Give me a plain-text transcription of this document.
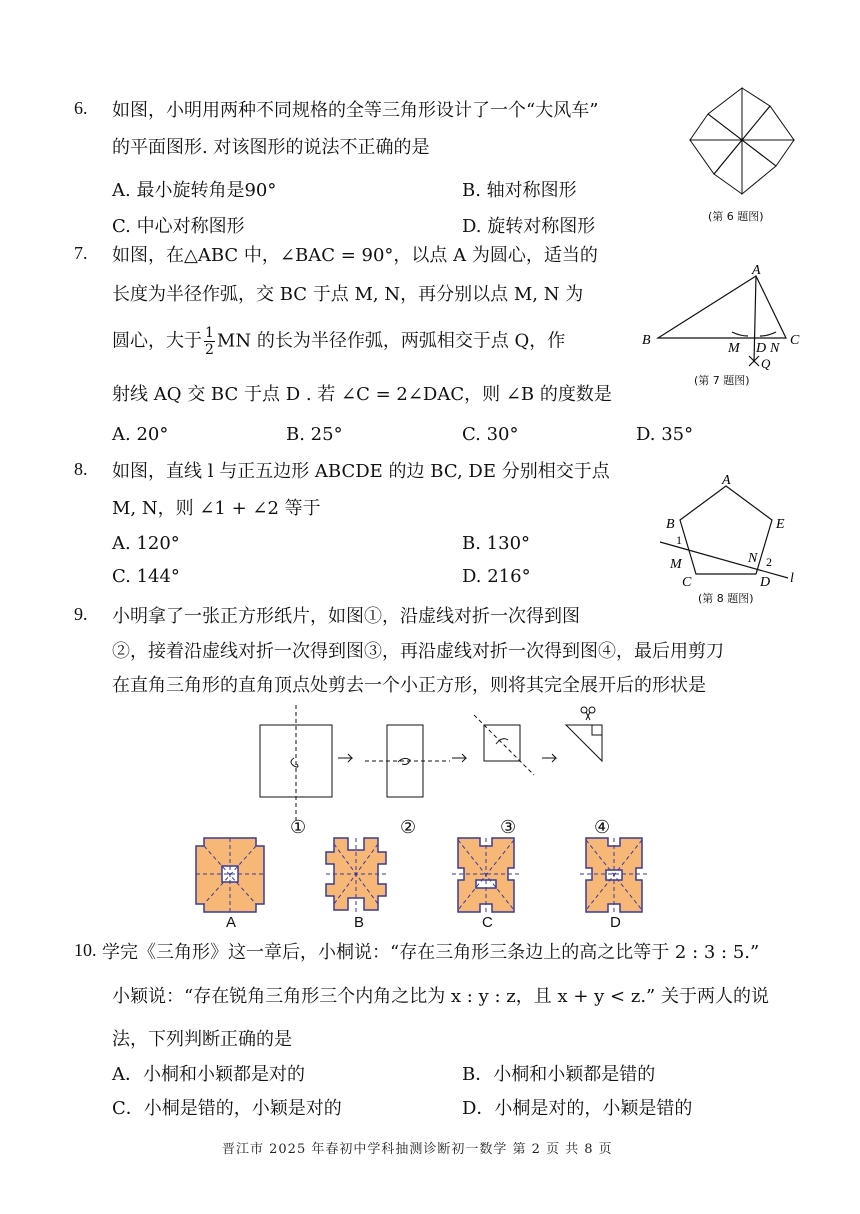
6. 如图，小明用两种不同规格的全等三角形设计了一个“大风车”
的平面图形. 对该图形的说法不正确的是
A. 最小旋转角是90°	B. 轴对称图形
C. 中心对称图形	D. 旋转对称图形	(第 6 题图)
7. 如图，在△ABC 中，∠BAC = 90°，以点 A 为圆心，适当的
长度为半径作弧，交 BC 于点 M, N，再分别以点 M, N 为
圆心，大于 $\frac{1}{2}$ MN 的长为半径作弧，两弧相交于点 Q，作
射线 AQ 交 BC 于点 D . 若 ∠C = 2∠DAC，则 ∠B 的度数是
A. 20°	B. 25°	C. 30°	D. 35°
A
B	C
M D N
Q
(第 7 题图)
8. 如图，直线 l 与正五边形 ABCDE 的边 BC, DE 分别相交于点
M, N，则 ∠1 + ∠2 等于
A. 120°	B. 130°
C. 144°	D. 216°
A
B	E
1
M	N 2
C	D l
(第 8 题图)
9. 小明拿了一张正方形纸片，如图①，沿虚线对折一次得到图
②，接着沿虚线对折一次得到图③，再沿虚线对折一次得到图④，最后用剪刀
在直角三角形的直角顶点处剪去一个小正方形，则将其完全展开后的形状是
①	②	③	④
A	B	C	D
10. 学完《三角形》这一章后，小桐说：“存在三角形三条边上的高之比等于 2 : 3 : 5.”
小颖说：“存在锐角三角形三个内角之比为 x : y : z，且 x + y < z.” 关于两人的说
法，下列判断正确的是
A．小桐和小颖都是对的	B．小桐和小颖都是错的
C．小桐是错的，小颖是对的	D．小桐是对的，小颖是错的
晋江市 2025 年春初中学科抽测诊断初一数学 第 2 页 共 8 页
